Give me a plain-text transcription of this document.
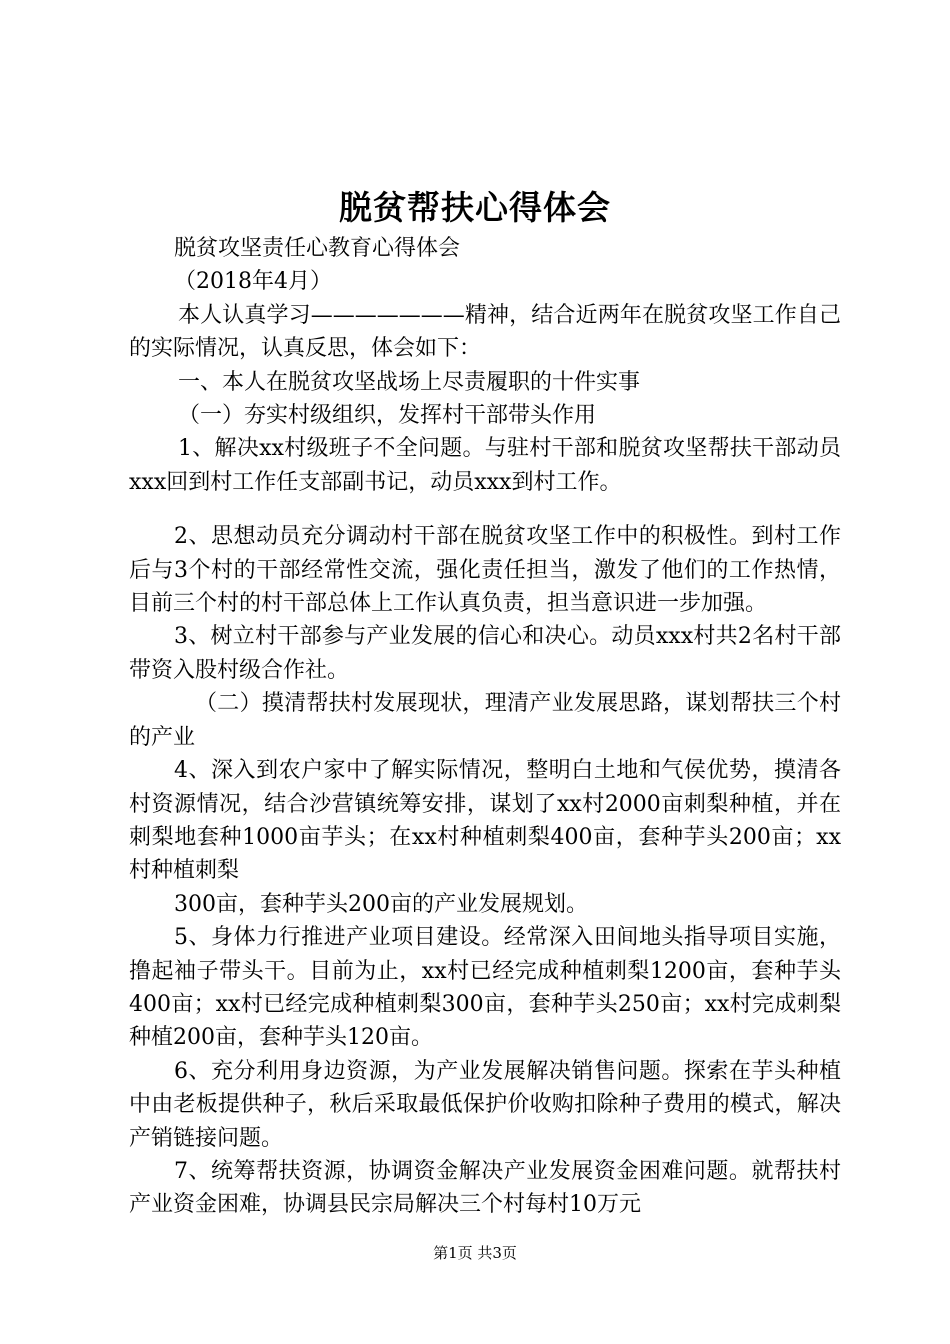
脱贫帮扶心得体会

脱贫攻坚责任心教育心得体会

（2018年4月）

本人认真学习———————精神，结合近两年在脱贫攻坚工作自己的实际情况，认真反思，体会如下：

一、本人在脱贫攻坚战场上尽责履职的十件实事

（一）夯实村级组织，发挥村干部带头作用

1、解决xx村级班子不全问题。与驻村干部和脱贫攻坚帮扶干部动员xxx回到村工作任支部副书记，动员xxx到村工作。

2、思想动员充分调动村干部在脱贫攻坚工作中的积极性。到村工作后与3个村的干部经常性交流，强化责任担当，激发了他们的工作热情，目前三个村的村干部总体上工作认真负责，担当意识进一步加强。

3、树立村干部参与产业发展的信心和决心。动员xxx村共2名村干部带资入股村级合作社。

（二）摸清帮扶村发展现状，理清产业发展思路，谋划帮扶三个村的产业

4、深入到农户家中了解实际情况，整明白土地和气侯优势，摸清各村资源情况，结合沙营镇统筹安排，谋划了xx村2000亩刺梨种植，并在刺梨地套种1000亩芋头；在xx村种植刺梨400亩，套种芋头200亩；xx村种植刺梨

300亩，套种芋头200亩的产业发展规划。

5、身体力行推进产业项目建设。经常深入田间地头指导项目实施，撸起袖子带头干。目前为止，xx村已经完成种植刺梨1200亩，套种芋头400亩；xx村已经完成种植刺梨300亩，套种芋头250亩；xx村完成刺梨种植200亩，套种芋头120亩。

6、充分利用身边资源，为产业发展解决销售问题。探索在芋头种植中由老板提供种子，秋后采取最低保护价收购扣除种子费用的模式，解决产销链接问题。

7、统筹帮扶资源，协调资金解决产业发展资金困难问题。就帮扶村产业资金困难，协调县民宗局解决三个村每村10万元

第1页 共3页
